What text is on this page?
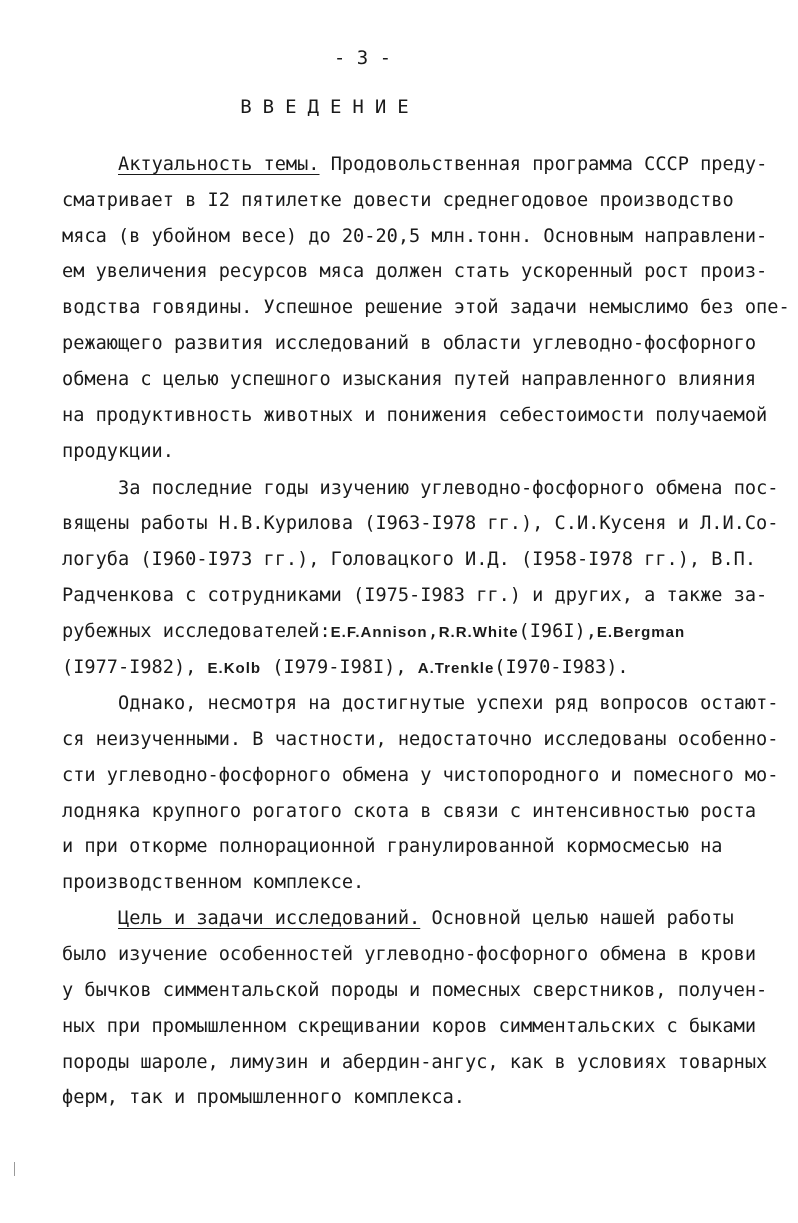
- 3 -
ВВЕДЕНИЕ
Актуальность темы. Продовольственная программа СССР преду-
сматривает в I2 пятилетке довести среднегодовое производство
мяса (в убойном весе) до 20-20,5 млн.тонн. Основным направлени-
ем увеличения ресурсов мяса должен стать ускоренный рост произ-
водства говядины. Успешное решение этой задачи немыслимо без опе-
режающего развития исследований в области углеводно-фосфорного
обмена с целью успешного изыскания путей направленного влияния
на продуктивность животных и понижения себестоимости получаемой
продукции.
За последние годы изучению углеводно-фосфорного обмена пос-
вящены работы Н.В.Курилова (I963-I978 гг.), С.И.Кусеня и Л.И.Со-
логуба (I960-I973 гг.), Головацкого И.Д. (I958-I978 гг.), В.П.
Радченкова с сотрудниками (I975-I983 гг.) и других, а также за-
рубежных исследователей:E.F.Annison,R.R.White(I96I),E.Bergman
(I977-I982), E.Kolb (I979-I98I), A.Trenkle(I970-I983).
Однако, несмотря на достигнутые успехи ряд вопросов остают-
ся неизученными. В частности, недостаточно исследованы особенно-
сти углеводно-фосфорного обмена у чистопородного и помесного мо-
лодняка крупного рогатого скота в связи с интенсивностью роста
и при откорме полнорационной гранулированной кормосмесью на
производственном комплексе.
Цель и задачи исследований. Основной целью нашей работы
было изучение особенностей углеводно-фосфорного обмена в крови
у бычков симментальской породы и помесных сверстников, получен-
ных при промышленном скрещивании коров симментальских с быками
породы шароле, лимузин и абердин-ангус, как в условиях товарных
ферм, так и промышленного комплекса.
